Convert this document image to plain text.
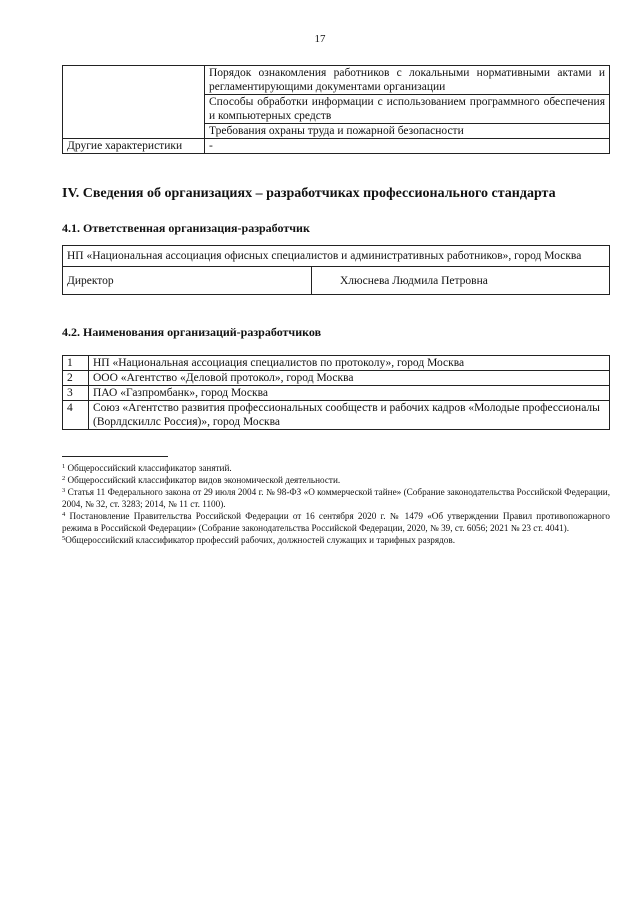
17
	Порядок ознакомления работников с локальными нормативными актами и регламентирующими документами организации
	Способы обработки информации с использованием программного обеспечения и компьютерных средств
	Требования охраны труда и пожарной безопасности
Другие характеристики	-
IV. Сведения об организациях – разработчиках профессионального стандарта
4.1. Ответственная организация-разработчик
НП «Национальная ассоциация офисных специалистов и административных работников», город Москва
Директор	Хлюснева Людмила Петровна
4.2. Наименования организаций-разработчиков
1	НП «Национальная ассоциация специалистов по протоколу», город Москва
2	ООО «Агентство «Деловой протокол», город Москва
3	ПАО «Газпромбанк», город Москва
4	Союз «Агентство развития профессиональных сообществ и рабочих кадров «Молодые профессионалы (Ворлдскиллс Россия)», город Москва

$^1$ Общероссийский классификатор занятий.

$^2$ Общероссийский классификатор видов экономической деятельности.

$^3$ Статья 11 Федерального закона от 29 июля 2004 г. № 98-ФЗ «О коммерческой тайне» (Собрание законодательства Российской Федерации, 2004, № 32, ст. 3283; 2014, № 11 ст. 1100).

$^4$ Постановление Правительства Российской Федерации от 16 сентября 2020 г. № 1479 «Об утверждении Правил противопожарного режима в Российской Федерации» (Собрание законодательства Российской Федерации, 2020, № 39, ст. 6056; 2021 № 23 ст. 4041).

$^5$Общероссийский классификатор профессий рабочих, должностей служащих и тарифных разрядов.
